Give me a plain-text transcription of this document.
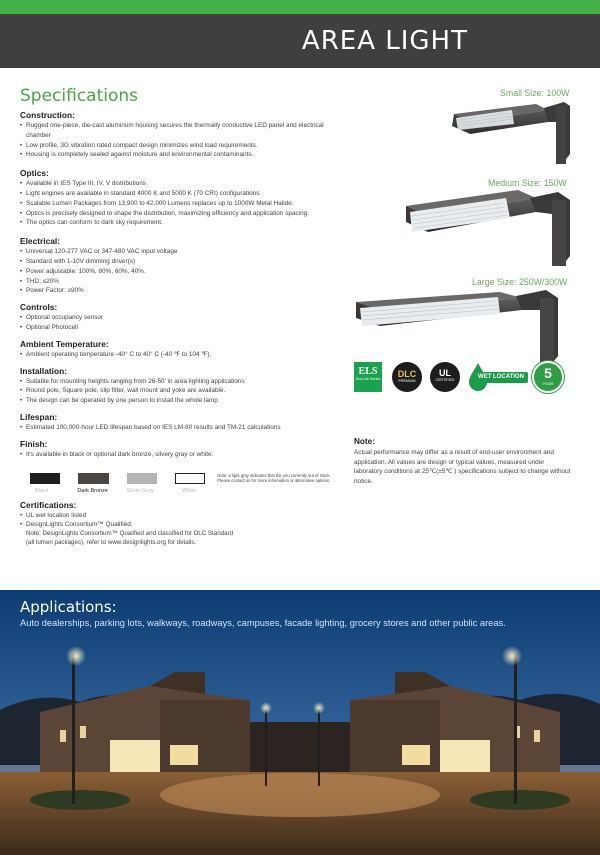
AREA LIGHT
Specifications
Construction:
• Rugged one-piece, die-cast aluminum housing secures the thermally conductive LED panel and electrical chamber
• Low profile, 3G vibration rated compact design minimizes wind load requirements.
• Housing is completely sealed against moisture and environmental contaminants.
Optics:
• Available in IES Type III, IV, V distributions
• Light engines are available in standard 4000 K and 5000 K (70 CRI) configurations.
• Scalable Lumen Packages from 13,900 to 42,000 Lumens replaces up to 1000W Metal Halide.
• Optics is precisely designed to shape the distribution, maximizing efficiency and application spacing.
• The optics can conform to dark sky requirement.
Electrical:
• Universal 120-277 VAC or 347-480 VAC input voltage
• Standard with 1-10V dimming driver(s)
• Power adjustable: 100%, 80%, 60%, 40%.
• THD: ≤20%
• Power Factor: ≥90%
Controls:
• Optional occupancy sensor
• Optional Photocell
Ambient Temperature:
• Ambient operating temperature -40° C to 40° C (-40 ℉ to 104 ℉).
Installation:
• Suitable for mounting heights ranging from 26-50' in area lighting applications
• Round pole, Square pole, slip fitter, wall mount and yoke are available.
• The design can be operated by one person to install the whole lamp
Lifespan:
• Estimated 100,000-hour LED lifespan based on IES LM-80 results and TM-21 calculations
Finish:
• It's available in black or optional dark bronze, silvery gray or white.
Black	Dark Bronze	Silver Gray	White
Note: a light gray indicates that the you currently out of stock. Please contact us for more information or alternative options.
Certifications:
• UL wet location listed
• DesignLights Consortium™ Qualified.
Note: DesignLights Consortium™ Qualified and classified for DLC Standard
(all lumen packages), refer to www.designlights.org for details.
Small Size: 100W
Medium Size: 150W
Large Size: 250W/300W
ELS
Eco-Lite Series	DLC
PREMIUM
UL
CERTIFIED	WET LOCATION	5
YEAR
Note:
Actual performance may differ as a result of end-user environment and application. All values are design or typical values, measured under laboratory conditions at 25℃(±5℃ ) specifications subject to change without notice.
Applications:
Auto dealerships, parking lots, walkways, roadways, campuses, facade lighting, grocery stores and other public areas.
